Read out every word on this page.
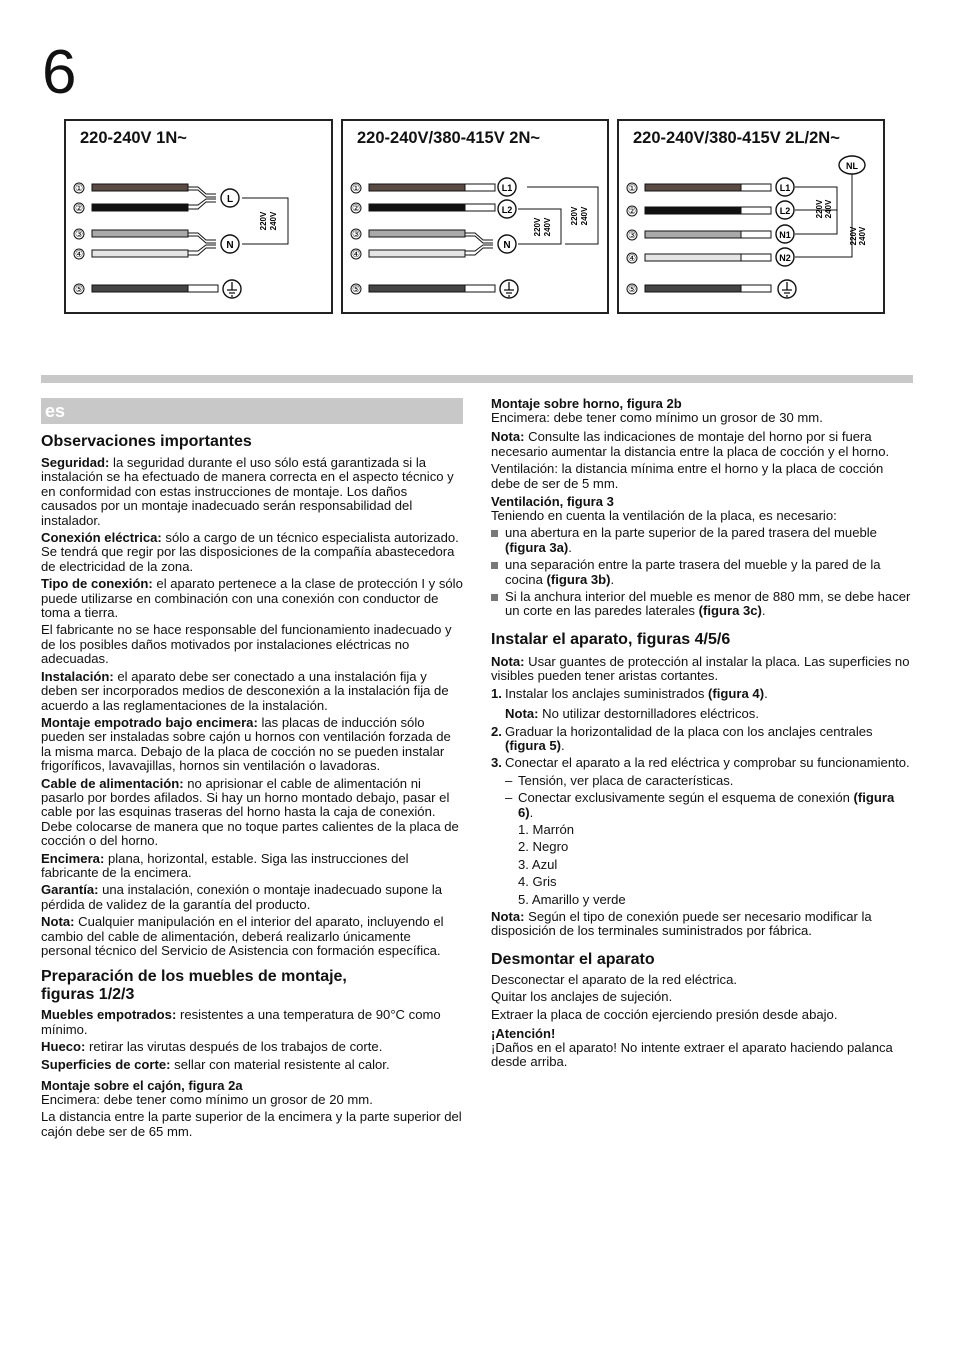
6
220-240V 1N~
①
②
L
③
④
N
⑤
220V 240V
220-240V/380-415V 2N~
①	L1
②	L2
③
④
N
⑤
220V 240V
220V 240V
220-240V/380-415V 2L/2N~
NL
①	L1
②	L2
③	N1
④	N2
⑤
220V 240V
220V 240V
es
Observaciones importantes

Seguridad: la seguridad durante el uso sólo está garantizada si la instalación se ha efectuado de manera correcta en el aspecto técnico y en conformidad con estas instrucciones de montaje. Los daños causados por un montaje inadecuado serán responsabilidad del instalador.

Conexión eléctrica: sólo a cargo de un técnico especialista autorizado. Se tendrá que regir por las disposiciones de la compañía abastecedora de electricidad de la zona.

Tipo de conexión: el aparato pertenece a la clase de protección I y sólo puede utilizarse en combinación con una conexión con conductor de toma a tierra.

El fabricante no se hace responsable del funcionamiento inadecuado y de los posibles daños motivados por instalaciones eléctricas no adecuadas.

Instalación: el aparato debe ser conectado a una instalación fija y deben ser incorporados medios de desconexión a la instalación fija de acuerdo a las reglamentaciones de la instalación.

Montaje empotrado bajo encimera: las placas de inducción sólo pueden ser instaladas sobre cajón u hornos con ventilación forzada de la misma marca. Debajo de la placa de cocción no se pueden instalar frigoríficos, lavavajillas, hornos sin ventilación o lavadoras.

Cable de alimentación: no aprisionar el cable de alimentación ni pasarlo por bordes afilados. Si hay un horno montado debajo, pasar el cable por las esquinas traseras del horno hasta la caja de conexión. Debe colocarse de manera que no toque partes calientes de la placa de cocción o del horno.

Encimera: plana, horizontal, estable. Siga las instrucciones del fabricante de la encimera.

Garantía: una instalación, conexión o montaje inadecuado supone la pérdida de validez de la garantía del producto.

Nota: Cualquier manipulación en el interior del aparato, incluyendo el cambio del cable de alimentación, deberá realizarlo únicamente personal técnico del Servicio de Asistencia con formación específica.

Preparación de los muebles de montaje, figuras 1/2/3

Muebles empotrados: resistentes a una temperatura de 90°C como mínimo.

Hueco: retirar las virutas después de los trabajos de corte.

Superficies de corte: sellar con material resistente al calor.

Montaje sobre el cajón, figura 2a

Encimera: debe tener como mínimo un grosor de 20 mm.

La distancia entre la parte superior de la encimera y la parte superior del cajón debe ser de 65 mm.

Montaje sobre horno, figura 2b

Encimera: debe tener como mínimo un grosor de 30 mm.

Nota: Consulte las indicaciones de montaje del horno por si fuera necesario aumentar la distancia entre la placa de cocción y el horno.

Ventilación: la distancia mínima entre el horno y la placa de cocción debe de ser de 5 mm.

Ventilación, figura 3

Teniendo en cuenta la ventilación de la placa, es necesario:

una abertura en la parte superior de la pared trasera del mueble (figura 3a).

una separación entre la parte trasera del mueble y la pared de la cocina (figura 3b).

Si la anchura interior del mueble es menor de 880 mm, se debe hacer un corte en las paredes laterales (figura 3c).

Instalar el aparato, figuras 4/5/6

Nota: Usar guantes de protección al instalar la placa. Las superficies no visibles pueden tener aristas cortantes.

1. Instalar los anclajes suministrados (figura 4).

Nota: No utilizar destornilladores eléctricos.

2. Graduar la horizontalidad de la placa con los anclajes centrales (figura 5).

3. Conectar el aparato a la red eléctrica y comprobar su funcionamiento.

– Tensión, ver placa de características.

– Conectar exclusivamente según el esquema de conexión (figura 6).

1. Marrón

2. Negro

3. Azul

4. Gris

5. Amarillo y verde

Nota: Según el tipo de conexión puede ser necesario modificar la disposición de los terminales suministrados por fábrica.

Desmontar el aparato

Desconectar el aparato de la red eléctrica.

Quitar los anclajes de sujeción.

Extraer la placa de cocción ejerciendo presión desde abajo.

¡Atención!

¡Daños en el aparato! No intente extraer el aparato haciendo palanca desde arriba.
